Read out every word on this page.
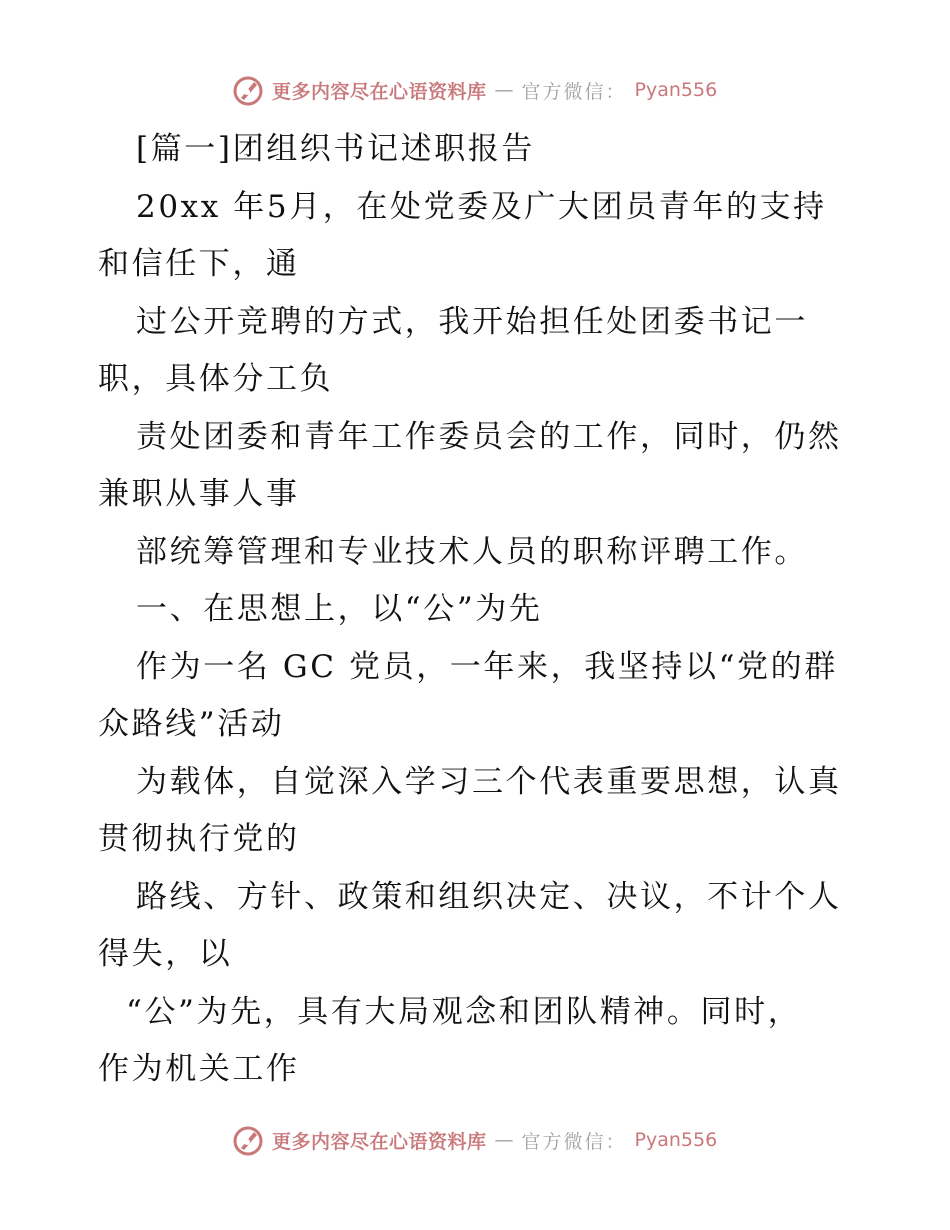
更多内容尽在心语资料库 — 官方微信： Pyan556

[篇一]团组织书记述职报告

20xx 年5月，在处党委及广大团员青年的支持

和信任下，通

过公开竞聘的方式，我开始担任处团委书记一

职，具体分工负

责处团委和青年工作委员会的工作，同时，仍然

兼职从事人事

部统筹管理和专业技术人员的职称评聘工作。

一、在思想上，以“公”为先

作为一名 GC 党员，一年来，我坚持以“党的群

众路线”活动

为载体，自觉深入学习三个代表重要思想，认真

贯彻执行党的

路线、方针、政策和组织决定、决议，不计个人

得失，以

“公”为先，具有大局观念和团队精神。同时，

作为机关工作

更多内容尽在心语资料库 — 官方微信： Pyan556
